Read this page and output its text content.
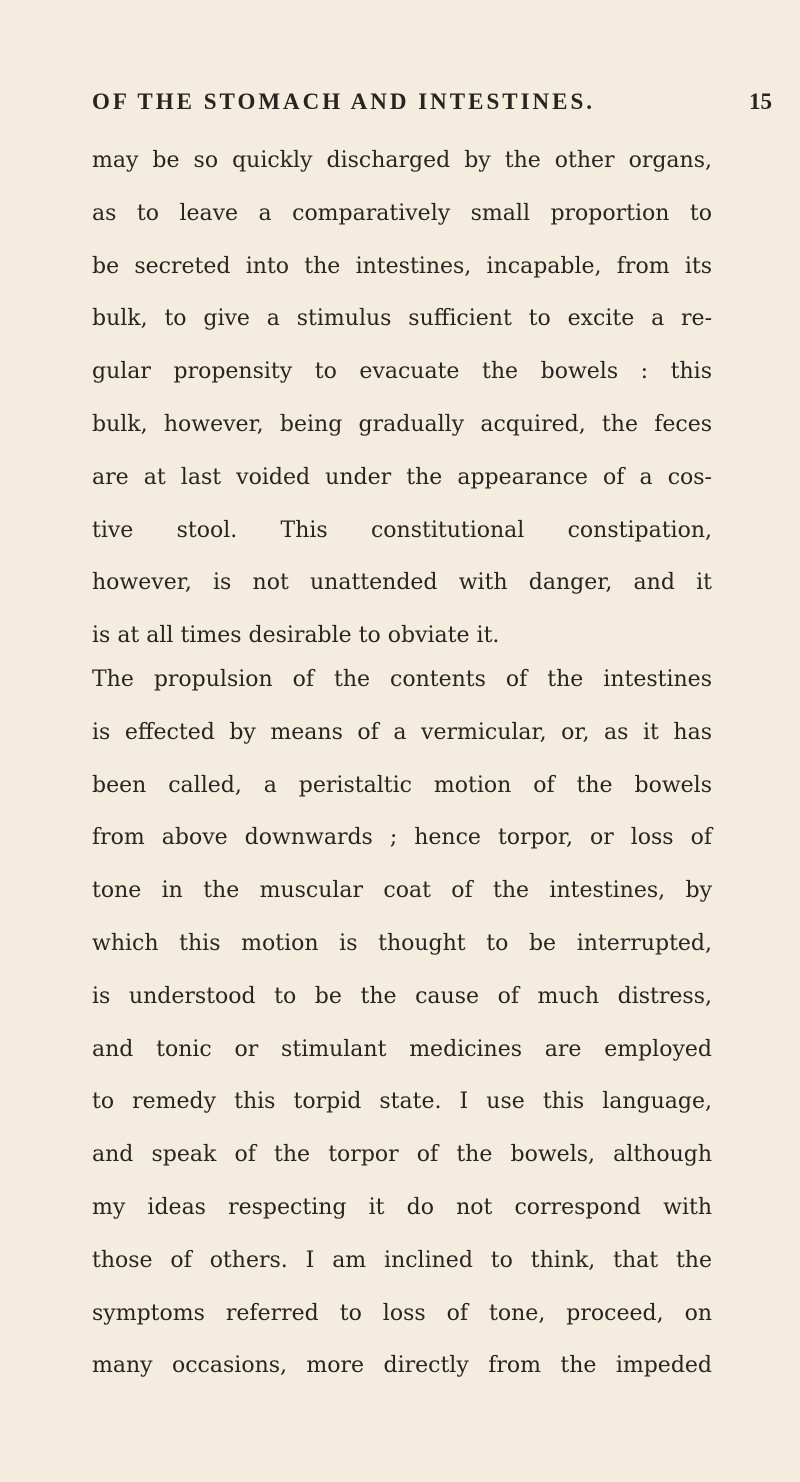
OF THE STOMACH AND INTESTINES.	15
may be so quickly discharged by the other organs,
as to leave a comparatively small proportion to
be secreted into the intestines, incapable, from its
bulk, to give a stimulus sufficient to excite a re-
gular propensity to evacuate the bowels : this
bulk, however, being gradually acquired, the feces
are at last voided under the appearance of a cos-
tive stool. This constitutional constipation,
however, is not unattended with danger, and it
is at all times desirable to obviate it.
The propulsion of the contents of the intestines
is effected by means of a vermicular, or, as it has
been called, a peristaltic motion of the bowels
from above downwards ; hence torpor, or loss of
tone in the muscular coat of the intestines, by
which this motion is thought to be interrupted,
is understood to be the cause of much distress,
and tonic or stimulant medicines are employed
to remedy this torpid state. I use this language,
and speak of the torpor of the bowels, although
my ideas respecting it do not correspond with
those of others. I am inclined to think, that the
symptoms referred to loss of tone, proceed, on
many occasions, more directly from the impeded
